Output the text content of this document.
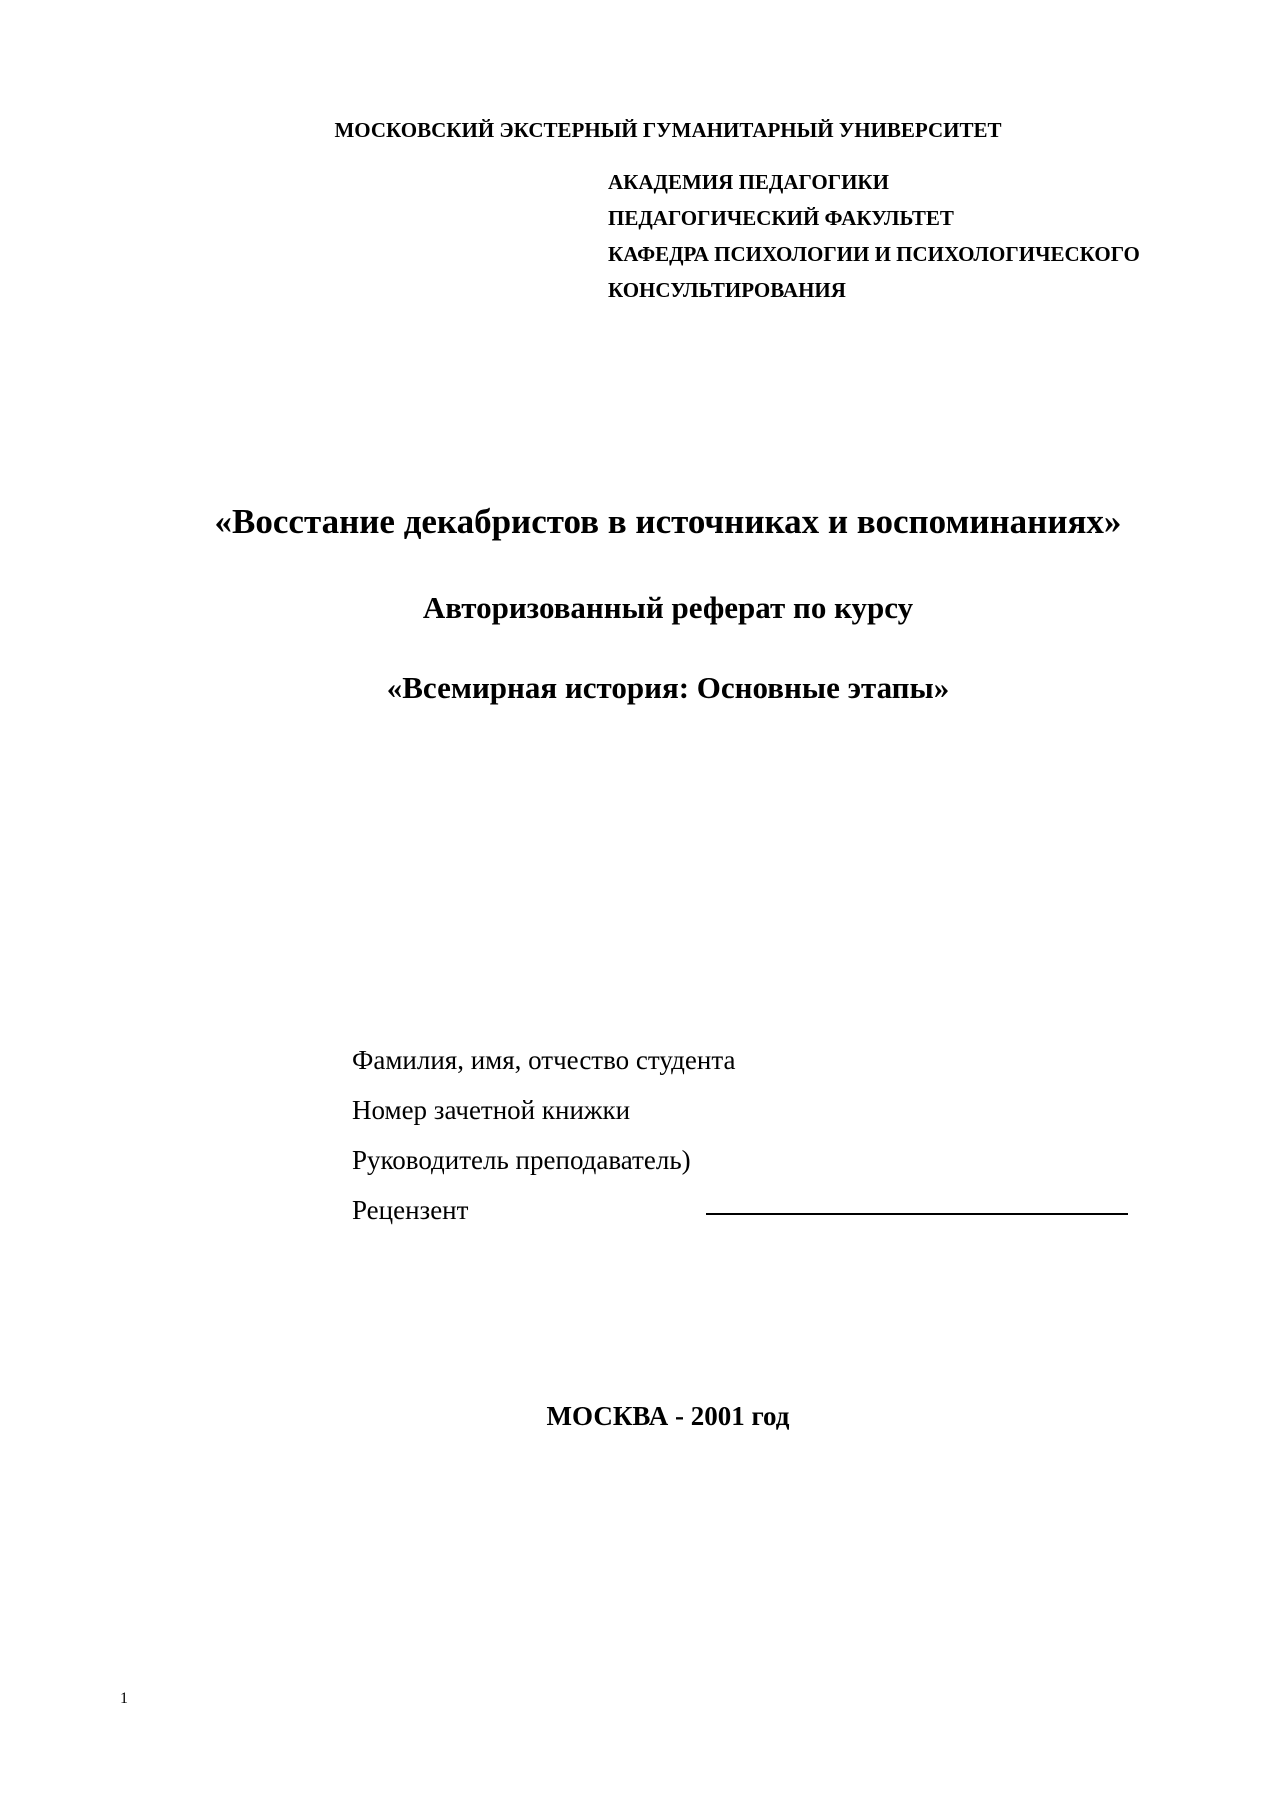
МОСКОВСКИЙ ЭКСТЕРНЫЙ ГУМАНИТАРНЫЙ УНИВЕРСИТЕТ
АКАДЕМИЯ ПЕДАГОГИКИ
ПЕДАГОГИЧЕСКИЙ ФАКУЛЬТЕТ
КАФЕДРА ПСИХОЛОГИИ И ПСИХОЛОГИЧЕСКОГО
КОНСУЛЬТИРОВАНИЯ
«Восстание декабристов в источниках и воспоминаниях»
Авторизованный реферат по курсу
«Всемирная история: Основные этапы»
Фамилия, имя, отчество студента
Номер зачетной книжки
Руководитель преподаватель)
Рецензент
МОСКВА - 2001 год
1
